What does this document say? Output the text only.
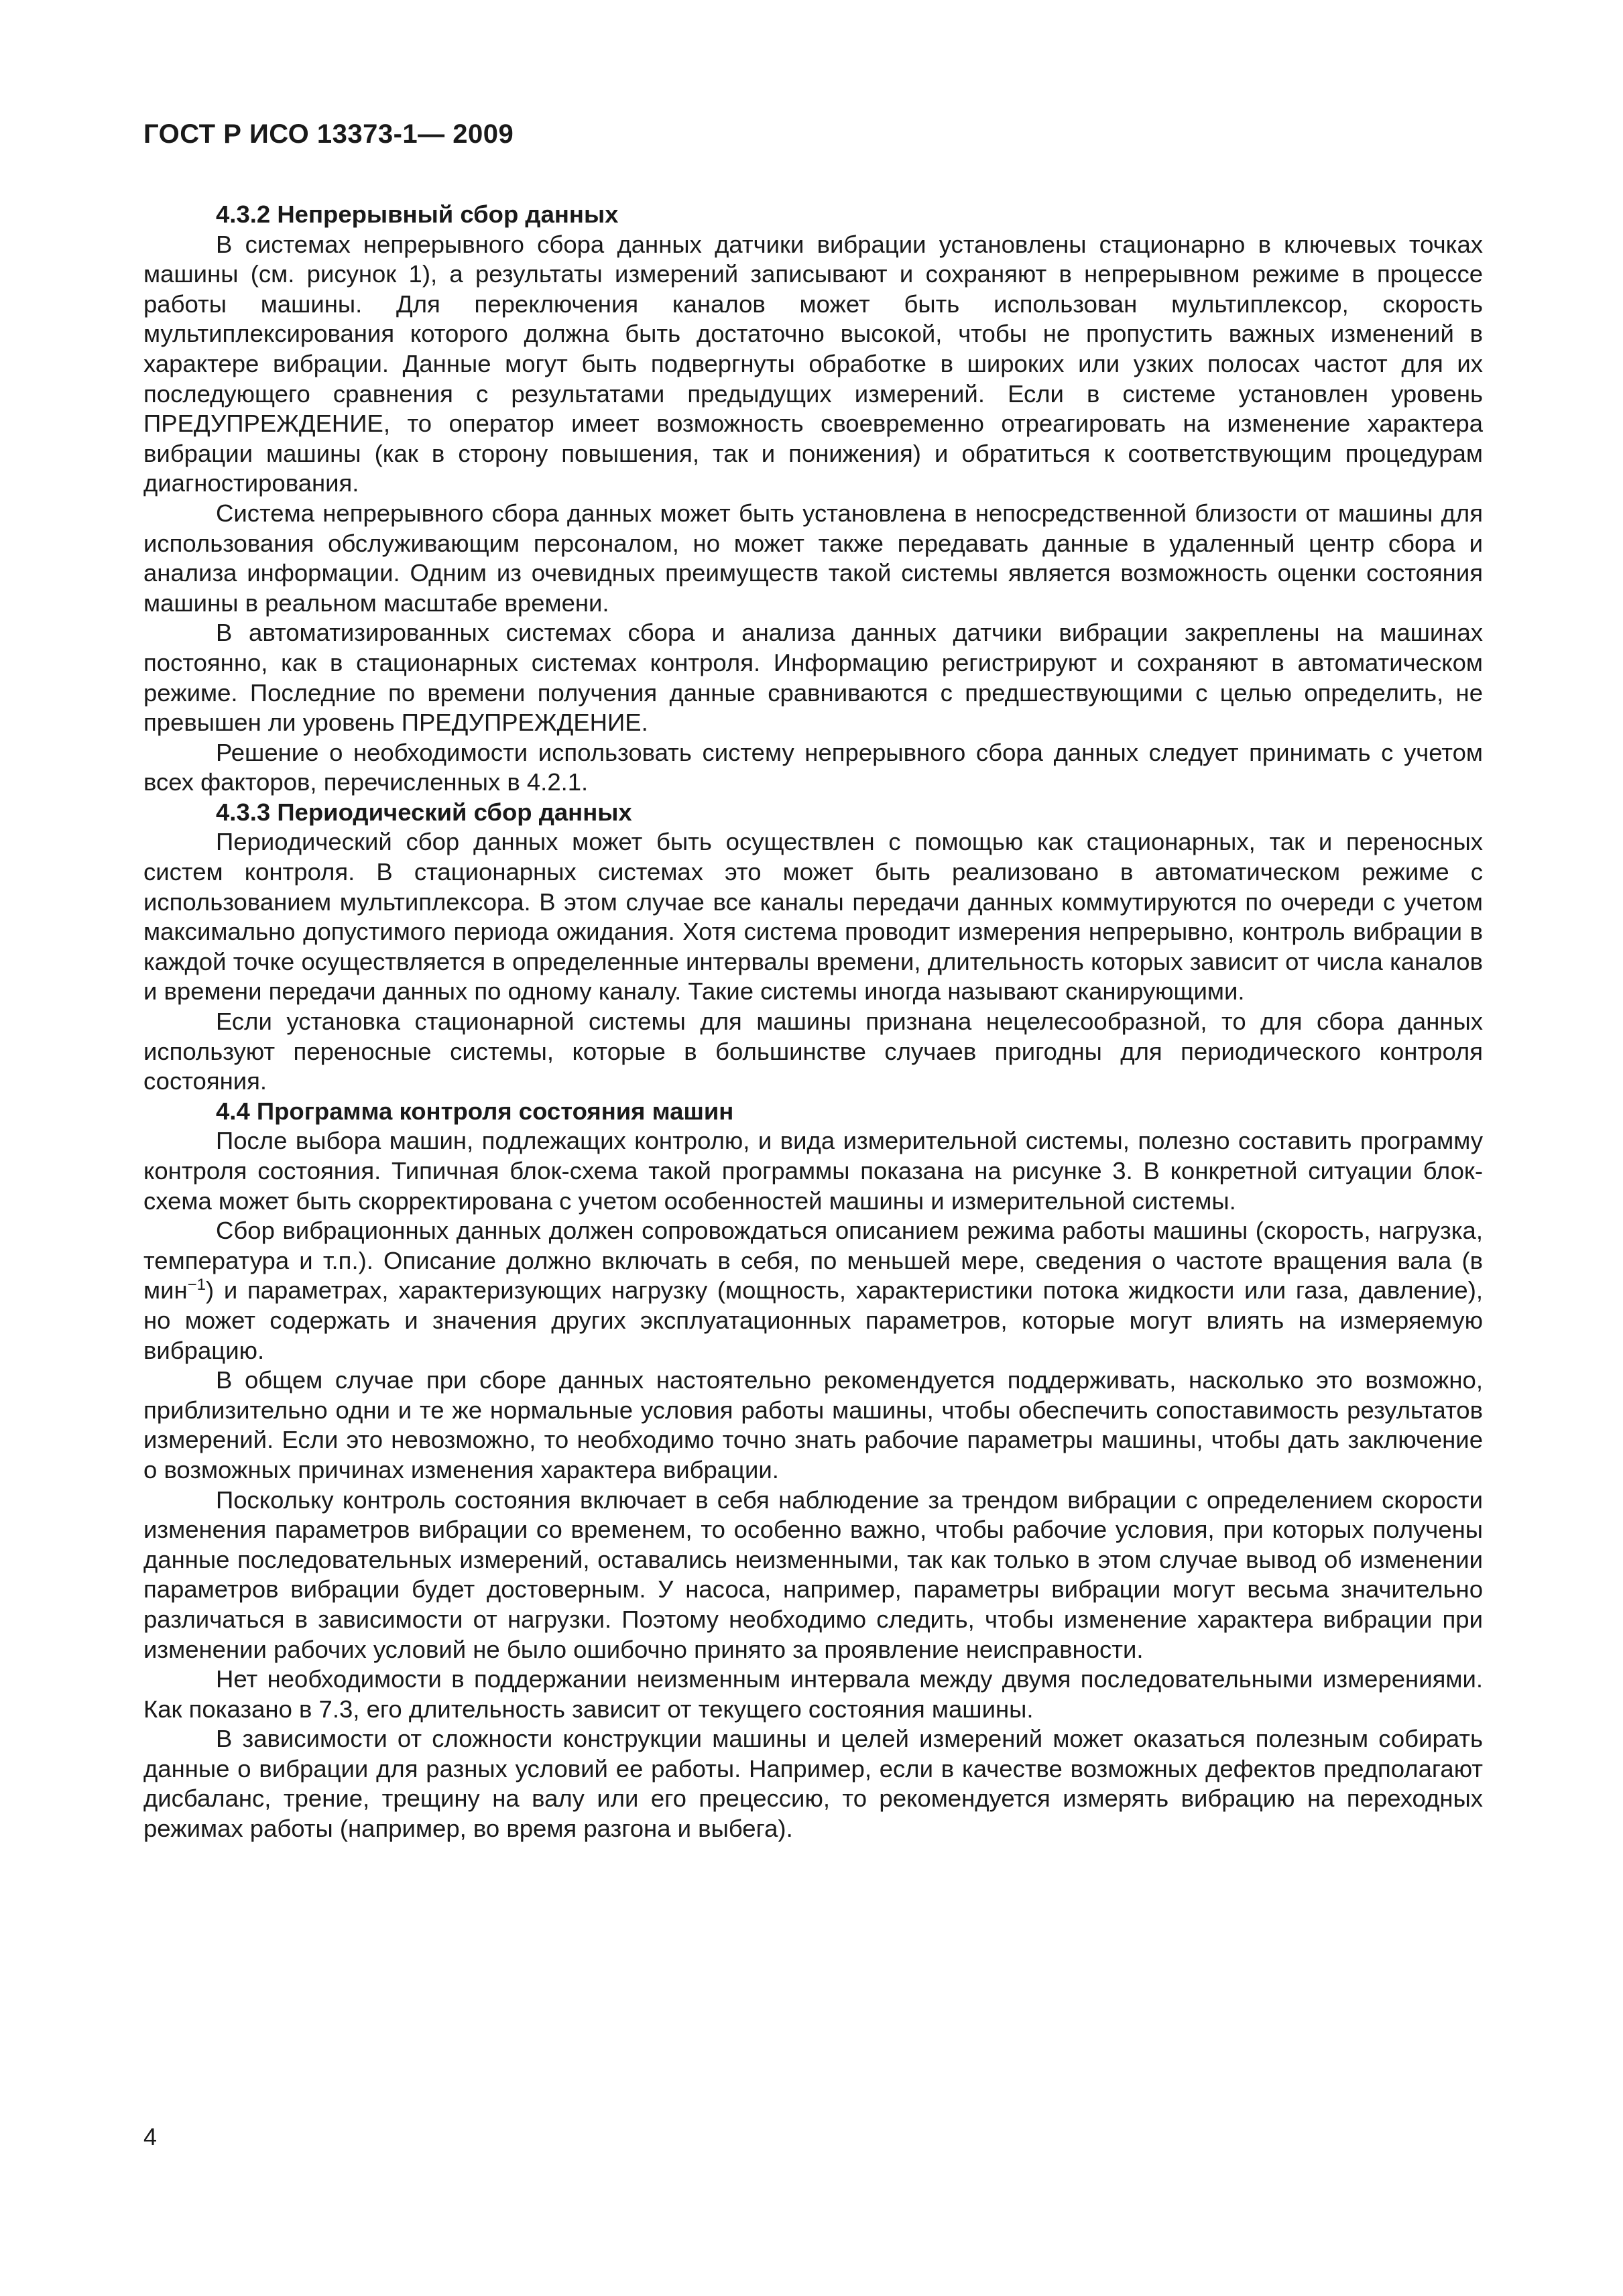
ГОСТ Р ИСО 13373-1— 2009
4.3.2 Непрерывный сбор данных

В системах непрерывного сбора данных датчики вибрации установлены стационарно в ключевых точках машины (см. рисунок 1), а результаты измерений записывают и сохраняют в непрерывном режиме в процессе работы машины. Для переключения каналов может быть использован мультиплексор, скорость мультиплексирования которого должна быть достаточно высокой, чтобы не пропустить важных изменений в характере вибрации. Данные могут быть подвергнуты обработке в широких или узких полосах частот для их последующего сравнения с результатами предыдущих измерений. Если в системе установлен уровень ПРЕДУПРЕЖДЕНИЕ, то оператор имеет возможность своевременно отреагировать на изменение характера вибрации машины (как в сторону повышения, так и понижения) и обратиться к соответствующим процедурам диагностирования.

Система непрерывного сбора данных может быть установлена в непосредственной близости от машины для использования обслуживающим персоналом, но может также передавать данные в удаленный центр сбора и анализа информации. Одним из очевидных преимуществ такой системы является возможность оценки состояния машины в реальном масштабе времени.

В автоматизированных системах сбора и анализа данных датчики вибрации закреплены на машинах постоянно, как в стационарных системах контроля. Информацию регистрируют и сохраняют в автоматическом режиме. Последние по времени получения данные сравниваются с предшествующими с целью определить, не превышен ли уровень ПРЕДУПРЕЖДЕНИЕ.

Решение о необходимости использовать систему непрерывного сбора данных следует принимать с учетом всех факторов, перечисленных в 4.2.1.

4.3.3 Периодический сбор данных

Периодический сбор данных может быть осуществлен с помощью как стационарных, так и переносных систем контроля. В стационарных системах это может быть реализовано в автоматическом режиме с использованием мультиплексора. В этом случае все каналы передачи данных коммутируются по очереди с учетом максимально допустимого периода ожидания. Хотя система проводит измерения непрерывно, контроль вибрации в каждой точке осуществляется в определенные интервалы времени, длительность которых зависит от числа каналов и времени передачи данных по одному каналу. Такие системы иногда называют сканирующими.

Если установка стационарной системы для машины признана нецелесообразной, то для сбора данных используют переносные системы, которые в большинстве случаев пригодны для периодического контроля состояния.

4.4 Программа контроля состояния машин

После выбора машин, подлежащих контролю, и вида измерительной системы, полезно составить программу контроля состояния. Типичная блок-схема такой программы показана на рисунке 3. В конкретной ситуации блок-схема может быть скорректирована с учетом особенностей машины и измерительной системы.

Сбор вибрационных данных должен сопровождаться описанием режима работы машины (скорость, нагрузка, температура и т.п.). Описание должно включать в себя, по меньшей мере, сведения о частоте вращения вала (в мин$^{-1}$) и параметрах, характеризующих нагрузку (мощность, характеристики потока жидкости или газа, давление), но может содержать и значения других эксплуатационных параметров, которые могут влиять на измеряемую вибрацию.

В общем случае при сборе данных настоятельно рекомендуется поддерживать, насколько это возможно, приблизительно одни и те же нормальные условия работы машины, чтобы обеспечить сопоставимость результатов измерений. Если это невозможно, то необходимо точно знать рабочие параметры машины, чтобы дать заключение о возможных причинах изменения характера вибрации.

Поскольку контроль состояния включает в себя наблюдение за трендом вибрации с определением скорости изменения параметров вибрации со временем, то особенно важно, чтобы рабочие условия, при которых получены данные последовательных измерений, оставались неизменными, так как только в этом случае вывод об изменении параметров вибрации будет достоверным. У насоса, например, параметры вибрации могут весьма значительно различаться в зависимости от нагрузки. Поэтому необходимо следить, чтобы изменение характера вибрации при изменении рабочих условий не было ошибочно принято за проявление неисправности.

Нет необходимости в поддержании неизменным интервала между двумя последовательными измерениями. Как показано в 7.3, его длительность зависит от текущего состояния машины.

В зависимости от сложности конструкции машины и целей измерений может оказаться полезным собирать данные о вибрации для разных условий ее работы. Например, если в качестве возможных дефектов предполагают дисбаланс, трение, трещину на валу или его прецессию, то рекомендуется измерять вибрацию на переходных режимах работы (например, во время разгона и выбега).

4
